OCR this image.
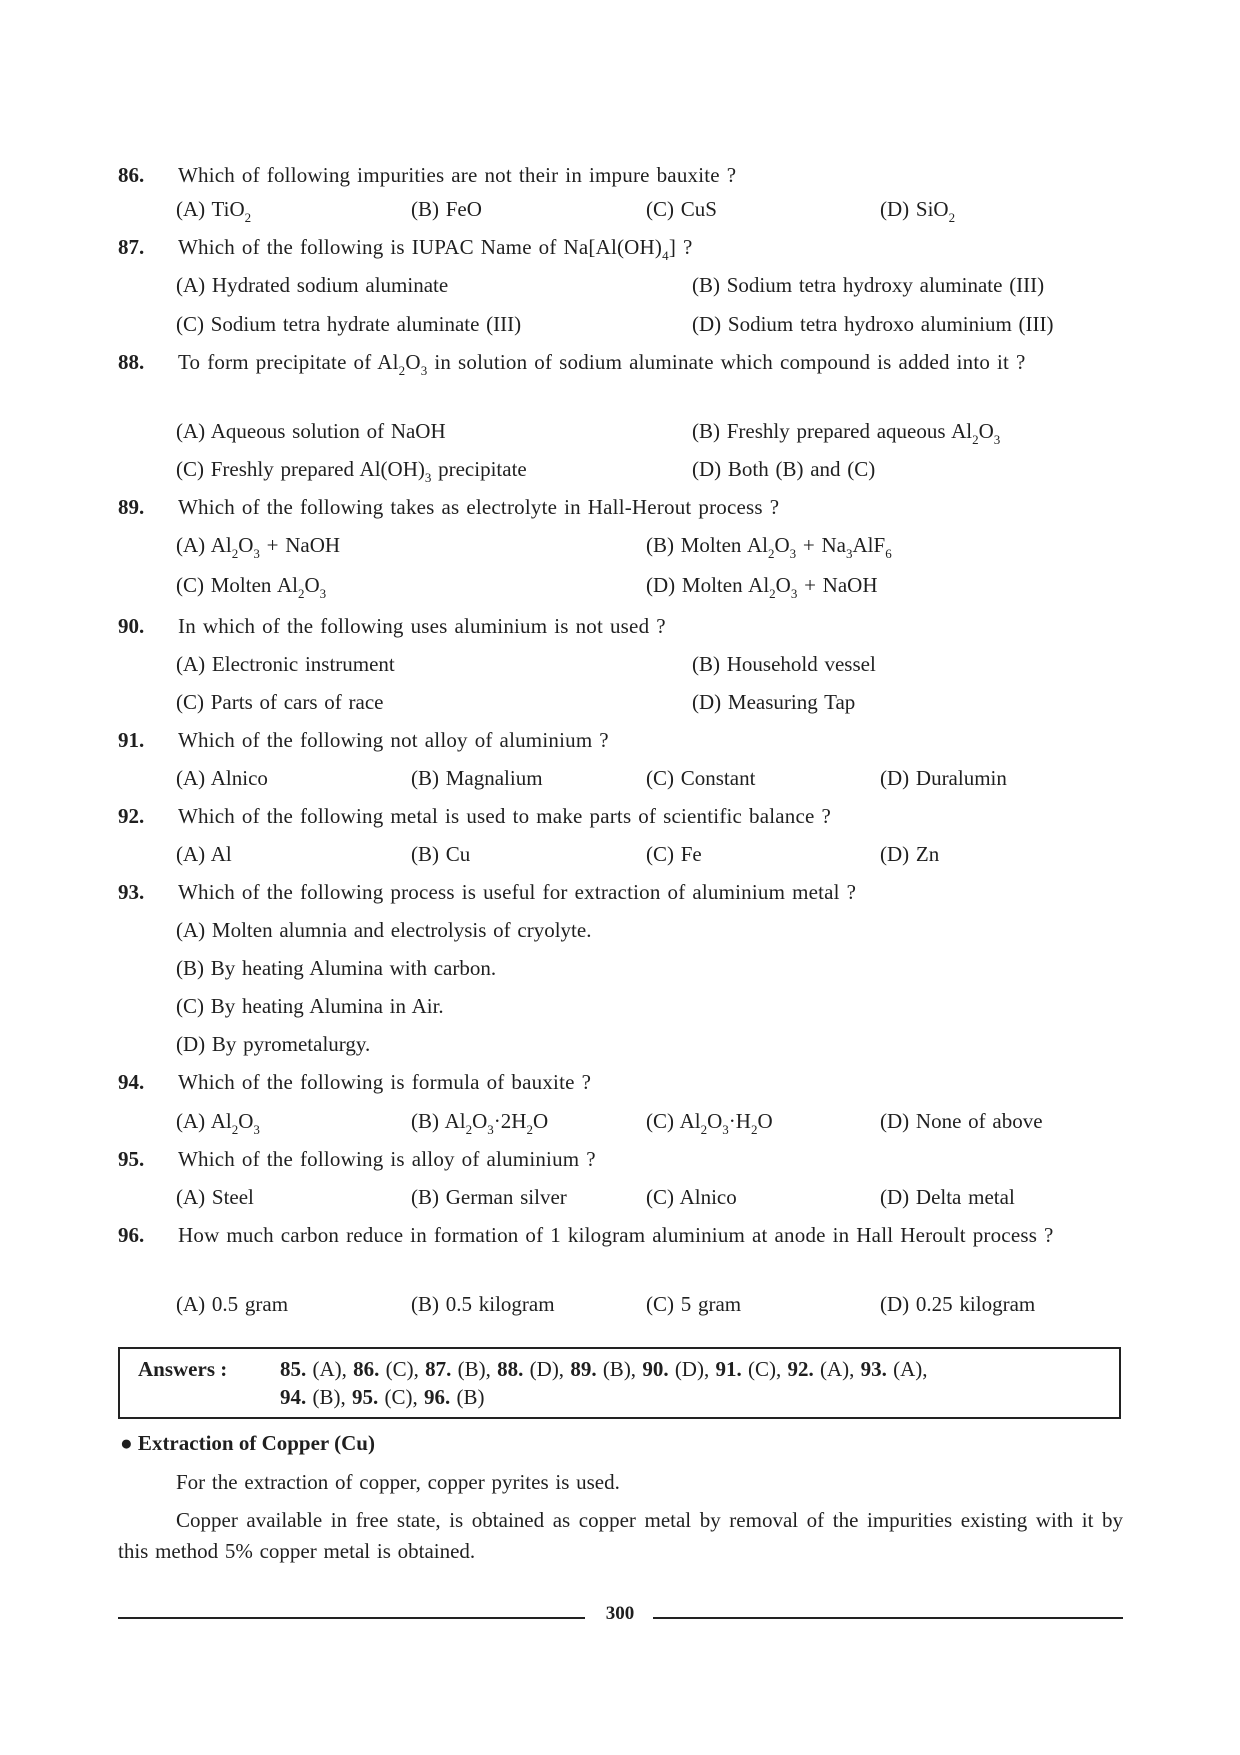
86. Which of following impurities are not their in impure bauxite ?
(A) TiO$_2$	(B) FeO	(C) CuS	(D) SiO$_2$
87. Which of the following is IUPAC Name of $Na[Al(OH)_4]$ ?
(A) Hydrated sodium aluminate	(B) Sodium tetra hydroxy aluminate (III)
(C) Sodium tetra hydrate aluminate (III)	(D) Sodium tetra hydroxo aluminium (III)
88. To form precipitate of $Al_2O_3$ in solution of sodium aluminate which compound is added into it ?
(A) Aqueous solution of NaOH	(B) Freshly prepared aqueous $Al_2O_3$
(C) Freshly prepared $Al(OH)_3$ precipitate	(D) Both (B) and (C)
89. Which of the following takes as electrolyte in Hall-Herout process ?
(A) $Al_2O_3$ + NaOH	(B) Molten $Al_2O_3 + Na_3AlF_6$
(C) Molten $Al_2O_3$	(D) Molten $Al_2O_3$ + NaOH
90. In which of the following uses aluminium is not used ?
(A) Electronic instrument	(B) Household vessel
(C) Parts of cars of race	(D) Measuring Tap
91. Which of the following not alloy of aluminium ?
(A) Alnico	(B) Magnalium	(C) Constant	(D) Duralumin
92. Which of the following metal is used to make parts of scientific balance ?
(A) Al	(B) Cu	(C) Fe	(D) Zn
93. Which of the following process is useful for extraction of aluminium metal ?
(A) Molten alumnia and electrolysis of cryolyte.
(B) By heating Alumina with carbon.
(C) By heating Alumina in Air.
(D) By pyrometalurgy.
94. Which of the following is formula of bauxite ?
(A) $Al_2O_3$	(B) $Al_2O_3\cdot 2H_2O$	(C) $Al_2O_3\cdot H_2O$	(D) None of above
95. Which of the following is alloy of aluminium ?
(A) Steel	(B) German silver	(C) Alnico	(D) Delta metal
96. How much carbon reduce in formation of 1 kilogram aluminium at anode in Hall Heroult process ?
(A) 0.5 gram	(B) 0.5 kilogram	(C) 5 gram	(D) 0.25 kilogram
Answers :	85. (A), 86. (C), 87. (B), 88. (D), 89. (B), 90. (D), 91. (C), 92. (A), 93. (A),
94. (B), 95. (C), 96. (B)
● Extraction of Copper (Cu)
For the extraction of copper, copper pyrites is used.
Copper available in free state, is obtained as copper metal by removal of the impurities existing with it by this method 5% copper metal is obtained.
300
